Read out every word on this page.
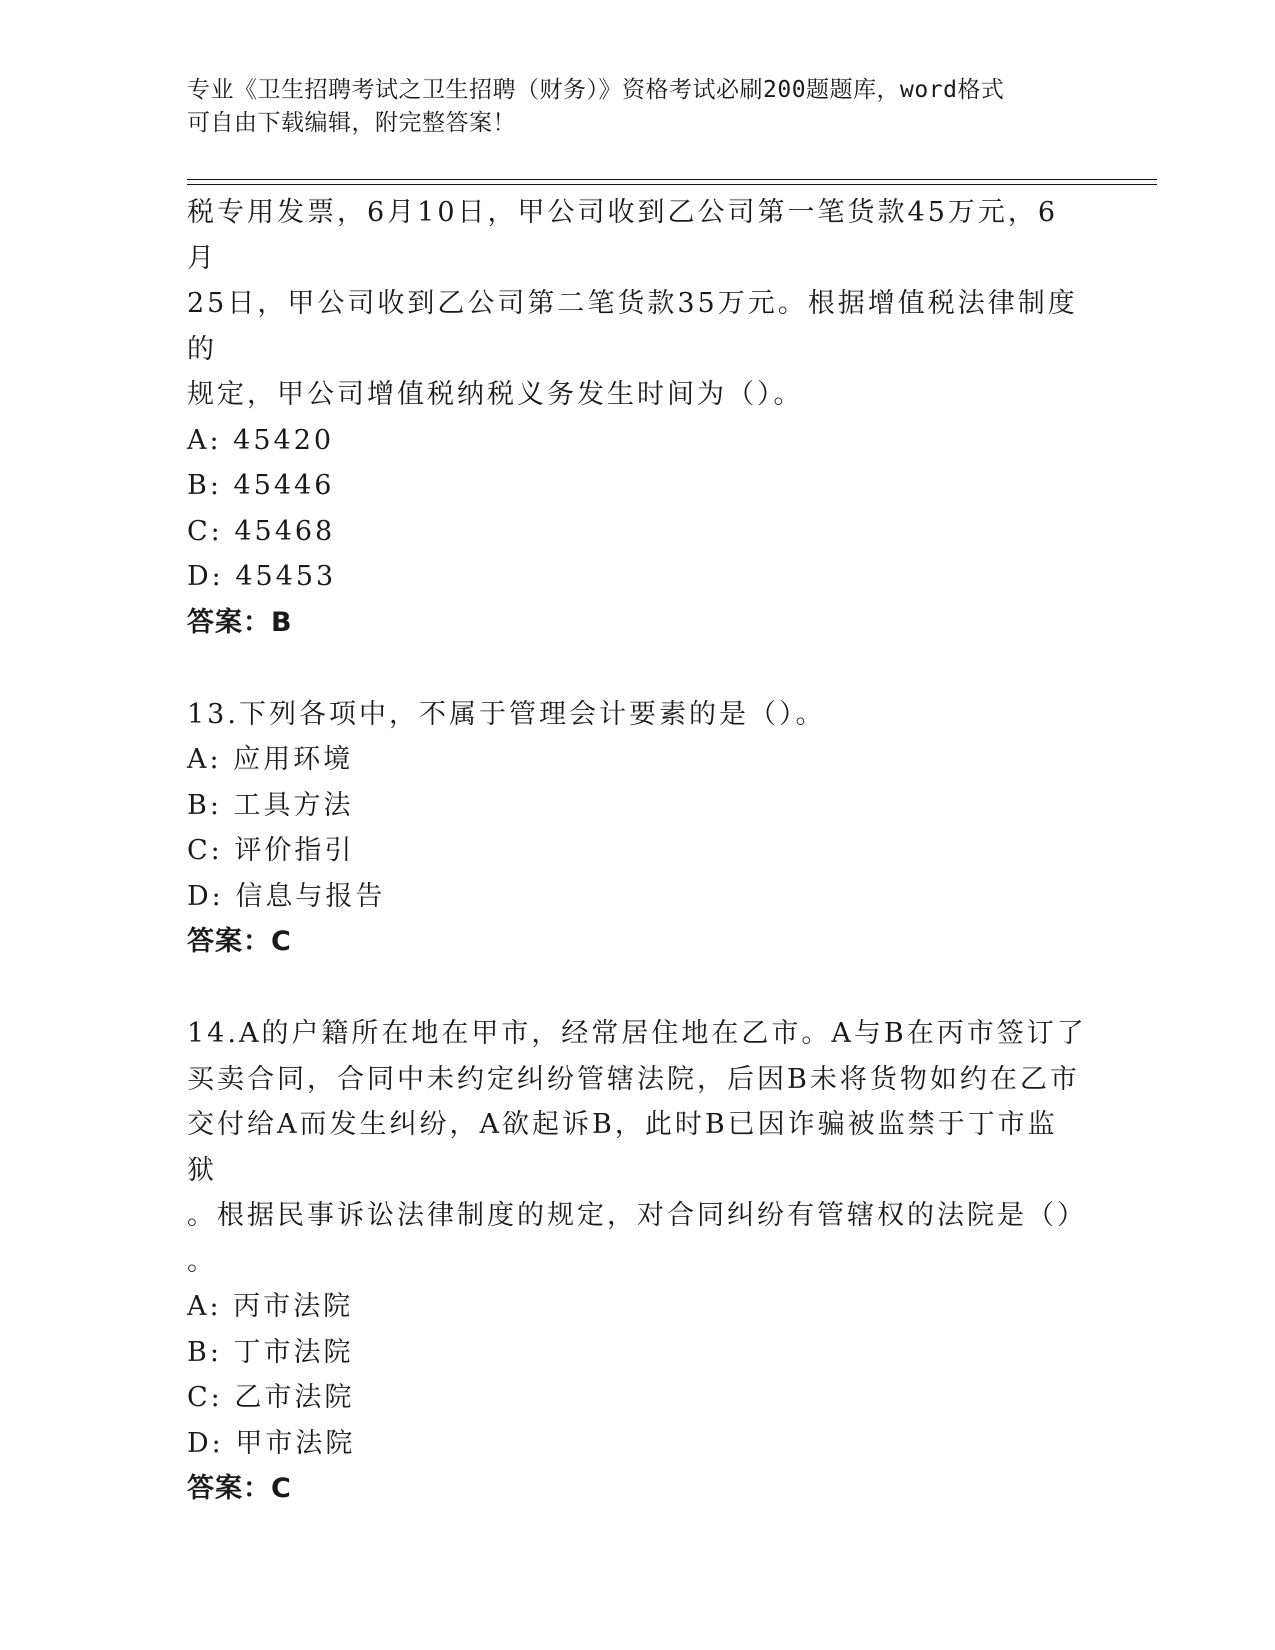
专业《卫生招聘考试之卫生招聘（财务）》资格考试必刷200题题库，word格式
可自由下载编辑，附完整答案！

税专用发票，6月10日，甲公司收到乙公司第一笔货款45万元，6月
25日，甲公司收到乙公司第二笔货款35万元。根据增值税法律制度的
规定，甲公司增值税纳税义务发生时间为（）。

A: 45420

B: 45446

C: 45468

D: 45453

答案：B

13.下列各项中，不属于管理会计要素的是（）。

A: 应用环境

B: 工具方法

C: 评价指引

D: 信息与报告

答案：C

14.A的户籍所在地在甲市，经常居住地在乙市。A与B在丙市签订了
买卖合同，合同中未约定纠纷管辖法院，后因B未将货物如约在乙市
交付给A而发生纠纷，A欲起诉B，此时B已因诈骗被监禁于丁市监狱
。根据民事诉讼法律制度的规定，对合同纠纷有管辖权的法院是（）
。

A: 丙市法院

B: 丁市法院

C: 乙市法院

D: 甲市法院

答案：C
